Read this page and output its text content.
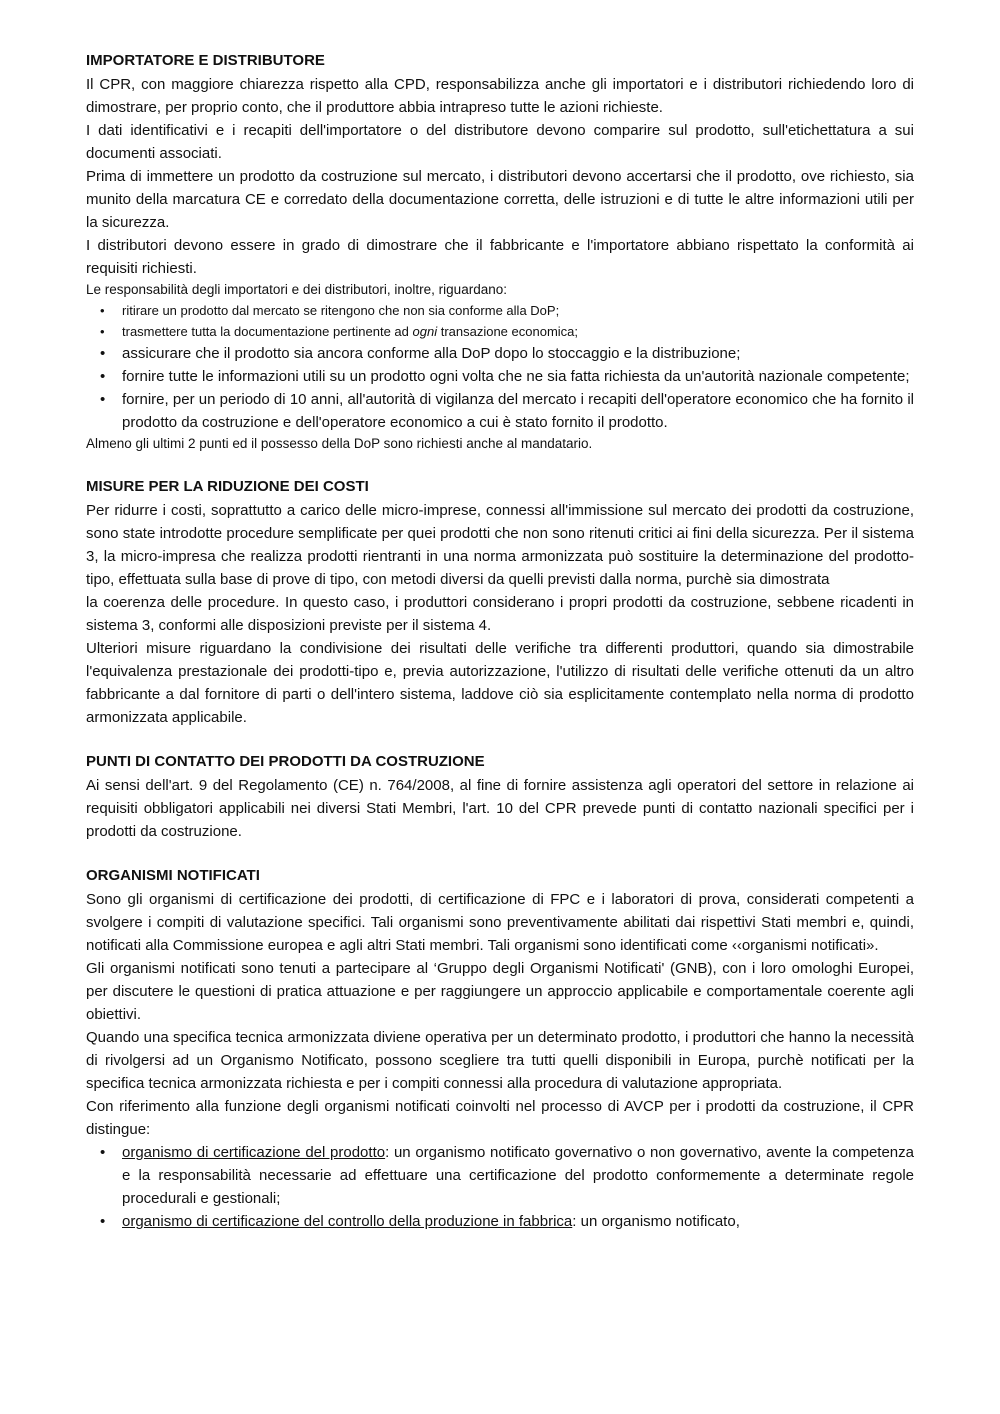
IMPORTATORE E DISTRIBUTORE

Il CPR, con maggiore chiarezza rispetto alla CPD, responsabilizza anche gli importatori e i distributori richiedendo loro di dimostrare, per proprio conto, che il produttore abbia intrapreso tutte le azioni richieste.

I dati identificativi e i recapiti dell'importatore o del distributore devono comparire sul prodotto, sull'etichettatura a sui documenti associati.

Prima di immettere un prodotto da costruzione sul mercato, i distributori devono accertarsi che il prodotto, ove richiesto, sia munito della marcatura CE e corredato della documentazione corretta, delle istruzioni e di tutte le altre informazioni utili per la sicurezza.

I distributori devono essere in grado di dimostrare che il fabbricante e l'importatore abbiano rispettato la conformità ai requisiti richiesti.

Le responsabilità degli importatori e dei distributori, inoltre, riguardano:

• ritirare un prodotto dal mercato se ritengono che non sia conforme alla DoP;
• trasmettere tutta la documentazione pertinente ad ogni transazione economica;
• assicurare che il prodotto sia ancora conforme alla DoP dopo lo stoccaggio e la distribuzione;
• fornire tutte le informazioni utili su un prodotto ogni volta che ne sia fatta richiesta da un'autorità nazionale competente;
• fornire, per un periodo di 10 anni, all'autorità di vigilanza del mercato i recapiti dell'operatore economico che ha fornito il prodotto da costruzione e dell'operatore economico a cui è stato fornito il prodotto.

Almeno gli ultimi 2 punti ed il possesso della DoP sono richiesti anche al mandatario.

MISURE PER LA RIDUZIONE DEI COSTI

Per ridurre i costi, soprattutto a carico delle micro-imprese, connessi all'immissione sul mercato dei prodotti da costruzione, sono state introdotte procedure semplificate per quei prodotti che non sono ritenuti critici ai fini della sicurezza. Per il sistema 3, la micro-impresa che realizza prodotti rientranti in una norma armonizzata può sostituire la determinazione del prodotto-tipo, effettuata sulla base di prove di tipo, con metodi diversi da quelli previsti dalla norma, purchè sia dimostrata

la coerenza delle procedure. In questo caso, i produttori considerano i propri prodotti da costruzione, sebbene ricadenti in sistema 3, conformi alle disposizioni previste per il sistema 4.

Ulteriori misure riguardano la condivisione dei risultati delle verifiche tra differenti produttori, quando sia dimostrabile l'equivalenza prestazionale dei prodotti-tipo e, previa autorizzazione, l'utilizzo di risultati delle verifiche ottenuti da un altro fabbricante a dal fornitore di parti o dell'intero sistema, laddove ciò sia esplicitamente contemplato nella norma di prodotto armonizzata applicabile.

PUNTI DI CONTATTO DEI PRODOTTI DA COSTRUZIONE

Ai sensi dell'art. 9 del Regolamento (CE) n. 764/2008, al fine di fornire assistenza agli operatori del settore in relazione ai requisiti obbligatori applicabili nei diversi Stati Membri, l'art. 10 del CPR prevede punti di contatto nazionali specifici per i prodotti da costruzione.

ORGANISMI NOTIFICATI

Sono gli organismi di certificazione dei prodotti, di certificazione di FPC e i laboratori di prova, considerati competenti a svolgere i compiti di valutazione specifici. Tali organismi sono preventivamente abilitati dai rispettivi Stati membri e, quindi, notificati alla Commissione europea e agli altri Stati membri. Tali organismi sono identificati come ‹‹organismi notificati».

Gli organismi notificati sono tenuti a partecipare al ‘Gruppo degli Organismi Notificati' (GNB), con i loro omologhi Europei, per discutere le questioni di pratica attuazione e per raggiungere un approccio applicabile e comportamentale coerente agli obiettivi.

Quando una specifica tecnica armonizzata diviene operativa per un determinato prodotto, i produttori che hanno la necessità di rivolgersi ad un Organismo Notificato, possono scegliere tra tutti quelli disponibili in Europa, purchè notificati per la specifica tecnica armonizzata richiesta e per i compiti connessi alla procedura di valutazione appropriata.

Con riferimento alla funzione degli organismi notificati coinvolti nel processo di AVCP per i prodotti da costruzione, il CPR distingue:

• organismo di certificazione del prodotto: un organismo notificato governativo o non governativo, avente la competenza e la responsabilità necessarie ad effettuare una certificazione del prodotto conformemente a determinate regole procedurali e gestionali;
• organismo di certificazione del controllo della produzione in fabbrica: un organismo notificato,
